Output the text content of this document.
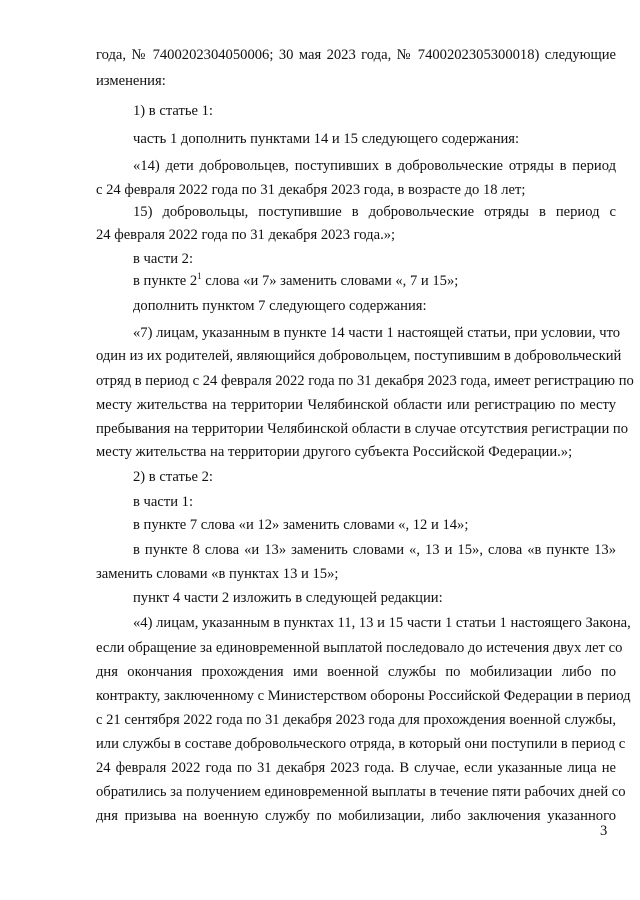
года, № 7400202304050006; 30 мая 2023 года, № 7400202305300018) следующие
изменения:
1) в статье 1:
часть 1 дополнить пунктами 14 и 15 следующего содержания:
«14) дети добровольцев, поступивших в добровольческие отряды в период
с 24 февраля 2022 года по 31 декабря 2023 года, в возрасте до 18 лет;
15) добровольцы, поступившие в добровольческие отряды в период с
24 февраля 2022 года по 31 декабря 2023 года.»;
в части 2:
в пункте $2^1$ слова «и 7» заменить словами «, 7 и 15»;
дополнить пунктом 7 следующего содержания:
«7) лицам, указанным в пункте 14 части 1 настоящей статьи, при условии, что
один из их родителей, являющийся добровольцем, поступившим в добровольческий
отряд в период с 24 февраля 2022 года по 31 декабря 2023 года, имеет регистрацию по
месту жительства на территории Челябинской области или регистрацию по месту
пребывания на территории Челябинской области в случае отсутствия регистрации по
месту жительства на территории другого субъекта Российской Федерации.»;
2) в статье 2:
в части 1:
в пункте 7 слова «и 12» заменить словами «, 12 и 14»;
в пункте 8 слова «и 13» заменить словами «, 13 и 15», слова «в пункте 13»
заменить словами «в пунктах 13 и 15»;
пункт 4 части 2 изложить в следующей редакции:
«4) лицам, указанным в пунктах 11, 13 и 15 части 1 статьи 1 настоящего Закона,
если обращение за единовременной выплатой последовало до истечения двух лет со
дня окончания прохождения ими военной службы по мобилизации либо по
контракту, заключенному с Министерством обороны Российской Федерации в период
с 21 сентября 2022 года по 31 декабря 2023 года для прохождения военной службы,
или службы в составе добровольческого отряда, в который они поступили в период с
24 февраля 2022 года по 31 декабря 2023 года. В случае, если указанные лица не
обратились за получением единовременной выплаты в течение пяти рабочих дней со
дня призыва на военную службу по мобилизации, либо заключения указанного
3
